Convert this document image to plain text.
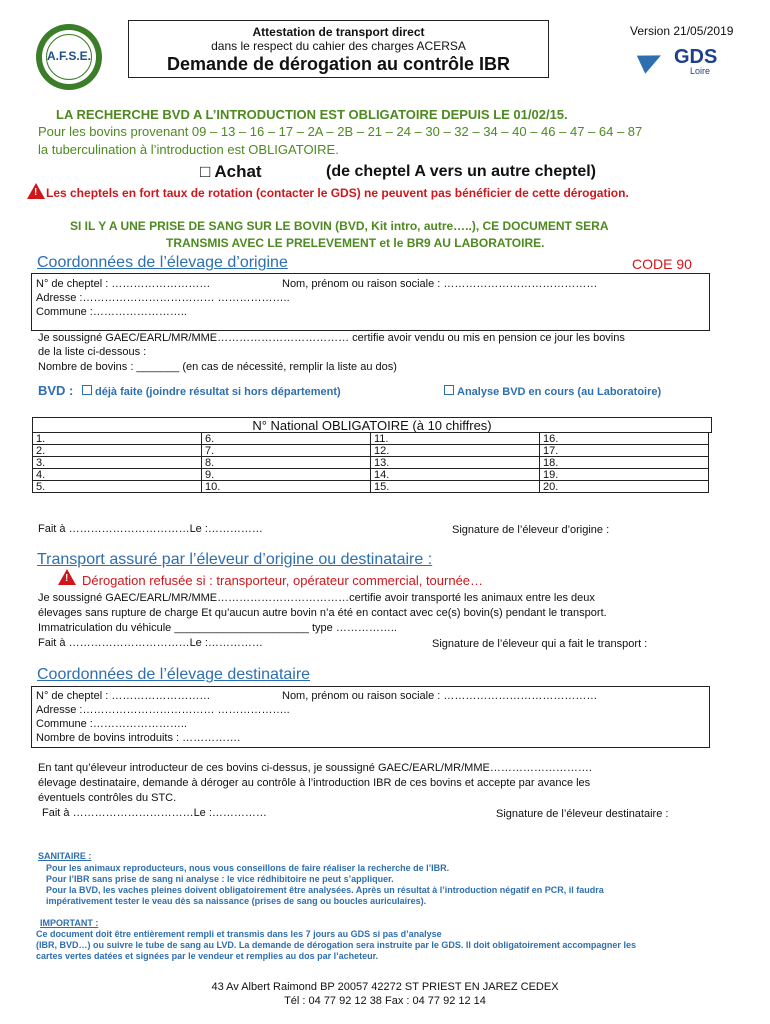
A.F.S.E.
Attestation de transport direct
dans le respect du cahier des charges ACERSA
Demande de dérogation au contrôle IBR
Version 21/05/2019
GDS
Loire
LA RECHERCHE BVD A L’INTRODUCTION EST OBLIGATOIRE DEPUIS LE 01/02/15.
Pour les bovins provenant 09 – 13 – 16 – 17 – 2A – 2B – 21 – 24 – 30 – 32 – 34 – 40 – 46 – 47 – 64 – 87
la tuberculination à l’introduction est OBLIGATOIRE.
□ Achat	(de cheptel A vers un autre cheptel)
! Les cheptels en fort taux de rotation (contacter le GDS) ne peuvent pas bénéficier de cette dérogation.
SI IL Y A UNE PRISE DE SANG SUR LE BOVIN (BVD, Kit intro, autre…..), CE DOCUMENT SERA
TRANSMIS AVEC LE PRELEVEMENT et le BR9 AU LABORATOIRE.
Coordonnées de l’élevage d’origine	CODE 90
N° de cheptel : ………………………	Nom, prénom ou raison sociale : ……………………………………
Adresse :……………………………… ………………..
Commune :……………………..
Je soussigné GAEC/EARL/MR/MME……………………………… certifie avoir vendu ou mis en pension ce jour les bovins
de la liste ci-dessous :
Nombre de bovins : _______ (en cas de nécessité, remplir la liste au dos)
BVD :	déjà faite (joindre résultat si hors département)	Analyse BVD en cours (au Laboratoire)
N° National OBLIGATOIRE (à 10 chiffres)
1.	6.	11.	16.
2.	7.	12.	17.
3.	8.	13.	18.
4.	9.	14.	19.
5.	10.	15.	20.
Fait à ……………………………Le :……………	Signature de l’éleveur d’origine :
Transport assuré par l’éleveur d’origine ou destinataire :
! Dérogation refusée si : transporteur, opérateur commercial, tournée…
Je soussigné GAEC/EARL/MR/MME………………………………certifie avoir transporté les animaux entre les deux
élevages sans rupture de charge Et qu’aucun autre bovin n’a été en contact avec ce(s) bovin(s) pendant le transport.
Immatriculation du véhicule ______________________ type ……………..
Fait à ……………………………Le :……………	Signature de l’éleveur qui a fait le transport :
Coordonnées de l’élevage destinataire
N° de cheptel : ………………………	Nom, prénom ou raison sociale : ……………………………………
Adresse :……………………………… ………………..
Commune :……………………..
Nombre de bovins introduits : …………….
En tant qu’éleveur introducteur de ces bovins ci-dessus, je soussigné GAEC/EARL/MR/MME……………………….
élevage destinataire, demande à déroger au contrôle à l’introduction IBR de ces bovins et accepte par avance les
éventuels contrôles du STC.
Fait à ……………………………Le :……………	Signature de l’éleveur destinataire :
SANITAIRE :
Pour les animaux reproducteurs, nous vous conseillons de faire réaliser la recherche de l’IBR.
Pour l’IBR sans prise de sang ni analyse : le vice rédhibitoire ne peut s’appliquer.
Pour la BVD, les vaches pleines doivent obligatoirement être analysées. Après un résultat à l’introduction négatif en PCR, il faudra
impérativement tester le veau dès sa naissance (prises de sang ou boucles auriculaires).
IMPORTANT :
Ce document doit être entièrement rempli et transmis dans les 7 jours au GDS si pas d’analyse
(IBR, BVD…) ou suivre le tube de sang au LVD. La demande de dérogation sera instruite par le GDS. Il doit obligatoirement accompagner les
cartes vertes datées et signées par le vendeur et remplies au dos par l’acheteur.
43 Av Albert Raimond BP 20057 42272 ST PRIEST EN JAREZ CEDEX
Tél : 04 77 92 12 38 Fax : 04 77 92 12 14
